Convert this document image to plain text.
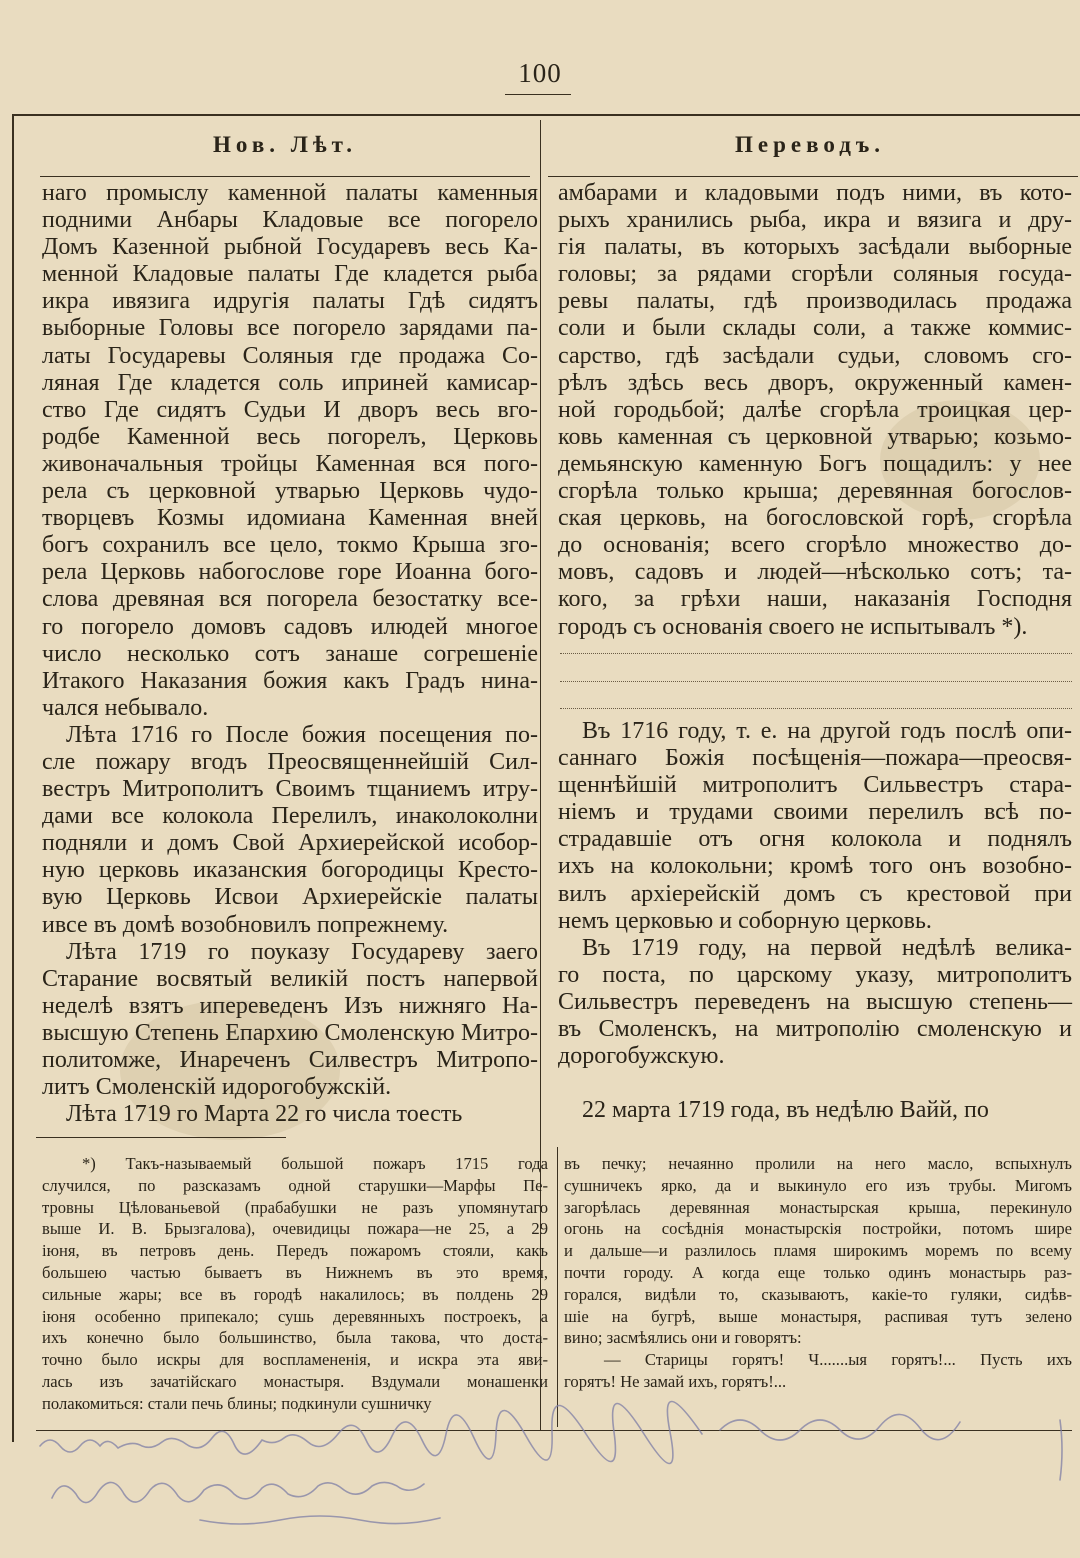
100
Нов. Лѣт.	Переводъ.
наго промыслу каменной палаты каменныя
подними Анбары Кладовые все погорело
Домъ Казенной рыбной Государевъ весь Ка-
менной Кладовые палаты Где кладется рыба
икра ивязига идругія палаты Гдѣ сидятъ
выборные Головы все погорело зарядами па-
латы Государевы Соляныя где продажа Со-
ляная Где кладется соль иприней камисар-
ство Где сидятъ Судьи И дворъ весь вго-
родбе Каменной весь погорелъ, Церковь
живоначальныя тройцы Каменная вся пого-
рела съ церковной утварью Церковь чудо-
творцевъ Козмы идомиана Каменная вней
богъ сохранилъ все цело, токмо Крыша зго-
рела Церковь набогослове горе Иоанна бого-
слова древяная вся погорела безостатку все-
го погорело домовъ садовъ илюдей многое
число несколько сотъ занаше согрешеніе
Итакого Наказания божия какъ Градъ нина-
чался небывало.
Лѣта 1716 го После божия посещения по-
сле пожару вгодъ Преосвященнейшій Сил-
вестръ Митрополитъ Своимъ тщаниемъ итру-
дами все колокола Перелилъ, инаколоколни
подняли и домъ Свой Архиерейской исобор-
ную церковь иказанския богородицы Кресто-
вую Церковь Исвои Архиерейскіе палаты
ивсе въ домѣ возобновилъ попрежнему.
Лѣта 1719 го поуказу Государеву заего
Старание восвятый великій постъ напервой
неделѣ взятъ ипереведенъ Изъ нижняго На-
высшую Степень Епархию Смоленскую Митро-
политомже, Инареченъ Силвестръ Митропо-
литъ Смоленскій идорогобужскій.
Лѣта 1719 го Марта 22 го числа тоесть
амбарами и кладовыми подъ ними, въ кото-
рыхъ хранились рыба, икра и вязига и дру-
гія палаты, въ которыхъ засѣдали выборные
головы; за рядами сгорѣли соляныя госуда-
ревы палаты, гдѣ производилась продажа
соли и были склады соли, а также коммис-
сарство, гдѣ засѣдали судьи, словомъ сго-
рѣлъ здѣсь весь дворъ, окруженный камен-
ной городьбой; далѣе сгорѣла троицкая цер-
ковь каменная съ церковной утварью; козьмо-
демьянскую каменную Богъ пощадилъ: у нее
сгорѣла только крыша; деревянная богослов-
ская церковь, на богословской горѣ, сгорѣла
до основанія; всего сгорѣло множество до-
мовъ, садовъ и людей—нѣсколько сотъ; та-
кого, за грѣхи наши, наказанія Господня
городъ съ основанія своего не испытывалъ *).
Въ 1716 году, т. е. на другой годъ послѣ опи-
саннаго Божія посѣщенія—пожара—преосвя-
щеннѣйшій митрополитъ Сильвестръ стара-
ніемъ и трудами своими перелилъ всѣ по-
страдавшіе отъ огня колокола и поднялъ
ихъ на колокольни; кромѣ того онъ возобно-
вилъ архіерейскій домъ съ крестовой при
немъ церковью и соборную церковь.
Въ 1719 году, на первой недѣлѣ велика-
го поста, по царскому указу, митрополитъ
Сильвестръ переведенъ на высшую степень—
въ Смоленскъ, на митрополію смоленскую и
дорогобужскую.
22 марта 1719 года, въ недѣлю Вайй, по
*) Такъ-называемый большой пожаръ 1715 года
случился, по разсказамъ одной старушки—Марфы Пе-
тровны Цѣлованьевой (прабабушки не разъ упомянутаго
выше И. В. Брызгалова), очевидицы пожара—не 25, а 29
іюня, въ петровъ день. Передъ пожаромъ стояли, какъ
большею частью бываетъ въ Нижнемъ въ это время,
сильные жары; все въ городѣ накалилось; въ полдень 29
іюня особенно припекало; сушь деревянныхъ построекъ, а
ихъ конечно было большинство, была такова, что доста-
точно было искры для воспламененія, и искра эта яви-
лась изъ зачатійскаго монастыря. Вздумали монашенки
полакомиться: стали печь блины; подкинули сушничку
въ печку; нечаянно пролили на него масло, вспыхнулъ
сушничекъ ярко, да и выкинуло его изъ трубы. Мигомъ
загорѣлась деревянная монастырская крыша, перекинуло
огонь на сосѣднія монастырскія постройки, потомъ шире
и дальше—и разлилось пламя широкимъ моремъ по всему
почти городу. А когда еще только одинъ монастырь раз-
горался, видѣли то, сказываютъ, какіе-то гуляки, сидѣв-
шіе на бугрѣ, выше монастыря, распивая тутъ зелено
вино; засмѣялись они и говорятъ:
— Старицы горятъ! Ч.......ыя горятъ!... Пусть ихъ
горятъ! Не замай ихъ, горятъ!...
